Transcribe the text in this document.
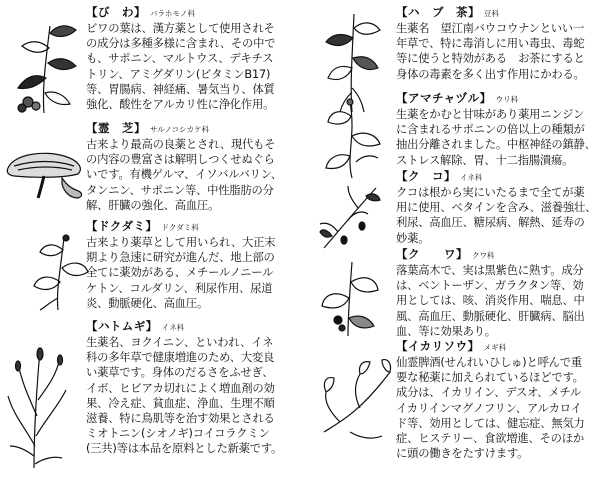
【び　わ】 バラホモノ科
ビワの葉は、漢方薬として使用されそ
の成分は多種多様に含まれ、その中で
も、サポニン、マルトウス、デキチス
トリン、アミグダリン(ビタミンB17)
等、胃腸病、神経痛、暑気当り、体質
強化、酸性をアルカリ性に浄化作用。
【霊　芝】 サルノコシカケ科
古来より最高の良薬とされ、現代もそ
の内容の豊富さは解明しつくせぬぐら
いです。有機ゲルマ、イソバルバリン、
タンニン、サポニン等、中性脂肪の分
解、肝臓の強化、高血圧。
【ドクダミ】 ドクダミ科
古来より薬草として用いられ、大正末
期より急速に研究が進んだ、地上部の
全てに薬効がある、メチールノニール
ケトン、コルダリン、利尿作用、尿道
炎、動脈硬化、高血圧。
【ハトムギ】 イネ科
生薬名、ヨクイニン、といわれ、イネ
科の多年草で健康増進のため、大変良
い薬草です。身体のだるさをふせぎ、
イボ、ヒビアカ切れによく増血剤の効
果、冷え症、貧血症、浄血、生理不順
滋養、特に鳥肌等を治す効果とされる
ミオトニン(シオノギ)コイコラクミン
(三共)等は本品を原料とした新薬です。
【ハ　ブ　茶】 豆科
生薬名　望江南バウコウナンといい一
年草で、特に毒消しに用い毒虫、毒蛇
等に使うと特効がある　お茶にすると
身体の毒素を多く出す作用にかわる。
【アマチャヅル】 ウリ科
生薬をかむと甘味があり薬用ニンジン
に含まれるサポニンの倍以上の種類が
抽出分離されました。中枢神経の鎮静、
ストレス解除、胃、十二指腸潰瘍。
【ク　コ】 イネ科
クコは根から実にいたるまで全てが薬
用に使用、ベタインを含み、滋養強壮、
利尿、高血圧、糖尿病、解熱、延寿の
妙薬。
【ク　　ワ】 クワ科
落葉高木で、実は黒紫色に熟す。成分
は、ベントーザン、ガラクタン等、効
用としては、咳、消炎作用、喘息、中
風、高血圧、動脈硬化、肝臓病、脳出
血、等に効果あり。
【イカリソウ】 メギ科
仙霊脾酒(せんれいひしゅ)と呼んで重
要な秘薬に加えられているほどです。
成分は、イカリイン、デスオ、メチル
イカリインマグノフリン、アルカロイ
ド等、効用としては、健忘症、無気力
症、ヒステリー、食欲増進、そのほか
に頭の働きをたすけます。
